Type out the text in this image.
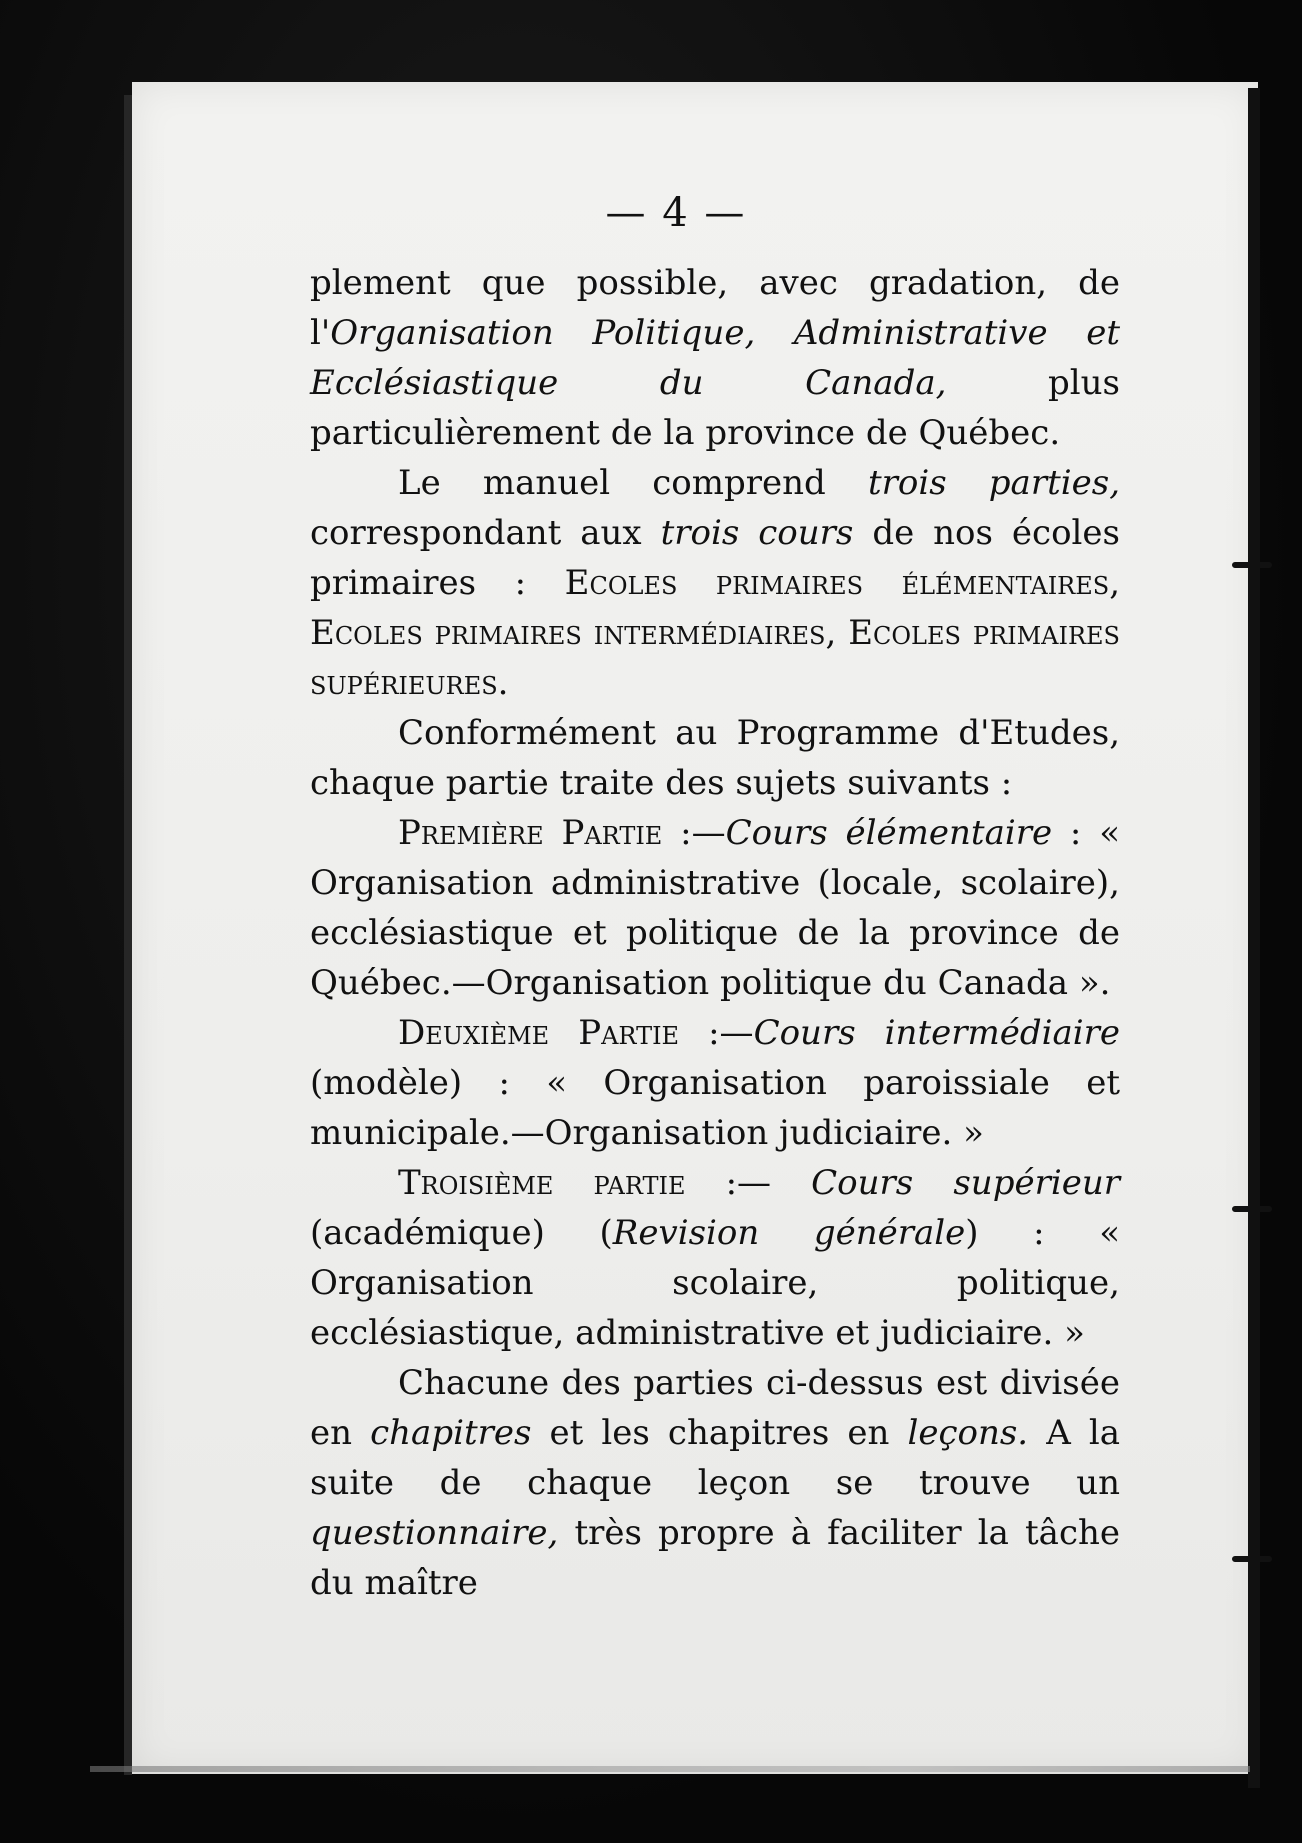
— 4 —

plement que possible, avec gradation, de l'Organisation Politique, Administrative et Ecclésiastique du Canada, plus particulièrement de la province de Québec.

Le manuel comprend trois parties, correspondant aux trois cours de nos écoles primaires : Ecoles primaires élémentaires, Ecoles primaires intermédiaires, Ecoles primaires supérieures.

Conformément au Programme d'Etudes, chaque partie traite des sujets suivants :

Première Partie :—Cours élémentaire : « Organisation administrative (locale, scolaire), ecclésiastique et politique de la province de Québec.—Organisation politique du Canada ».

Deuxième Partie :—Cours intermédiaire (modèle) : « Organisation paroissiale et municipale.—Organisation judiciaire. »

Troisième partie :— Cours supérieur (académique) (Revision générale) : « Organisation scolaire, politique, ecclésiastique, administrative et judiciaire. »

Chacune des parties ci-dessus est divisée en chapitres et les chapitres en leçons. A la suite de chaque leçon se trouve un questionnaire, très propre à faciliter la tâche du maître
